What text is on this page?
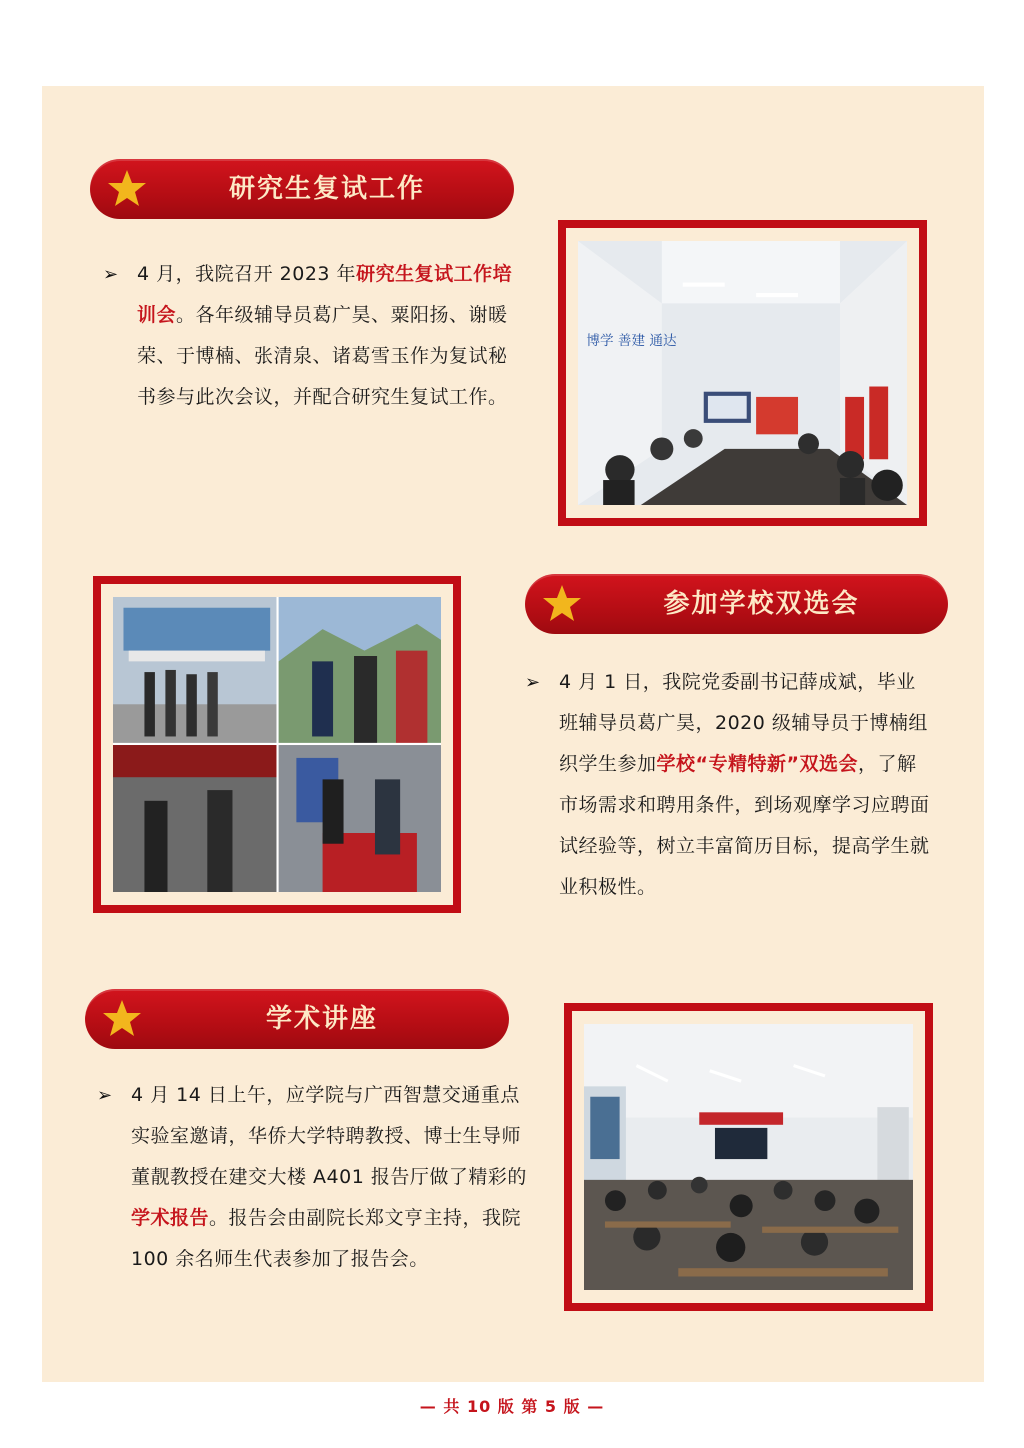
研究生复试工作
➢ 4 月，我院召开 2023 年研究生复试工作培训会。各年级辅导员葛广昊、粟阳扬、谢暖荣、于博楠、张清泉、诸葛雪玉作为复试秘书参与此次会议，并配合研究生复试工作。
博学 善建 通达
参加学校双选会
➢ 4 月 1 日，我院党委副书记薛成斌，毕业班辅导员葛广昊，2020 级辅导员于博楠组织学生参加学校“专精特新”双选会，了解市场需求和聘用条件，到场观摩学习应聘面试经验等，树立丰富简历目标，提高学生就业积极性。
学术讲座
➢ 4 月 14 日上午，应学院与广西智慧交通重点实验室邀请，华侨大学特聘教授、博士生导师董靓教授在建交大楼 A401 报告厅做了精彩的学术报告。报告会由副院长郑文亨主持，我院 100 余名师生代表参加了报告会。
— 共 10 版 第 5 版 —
